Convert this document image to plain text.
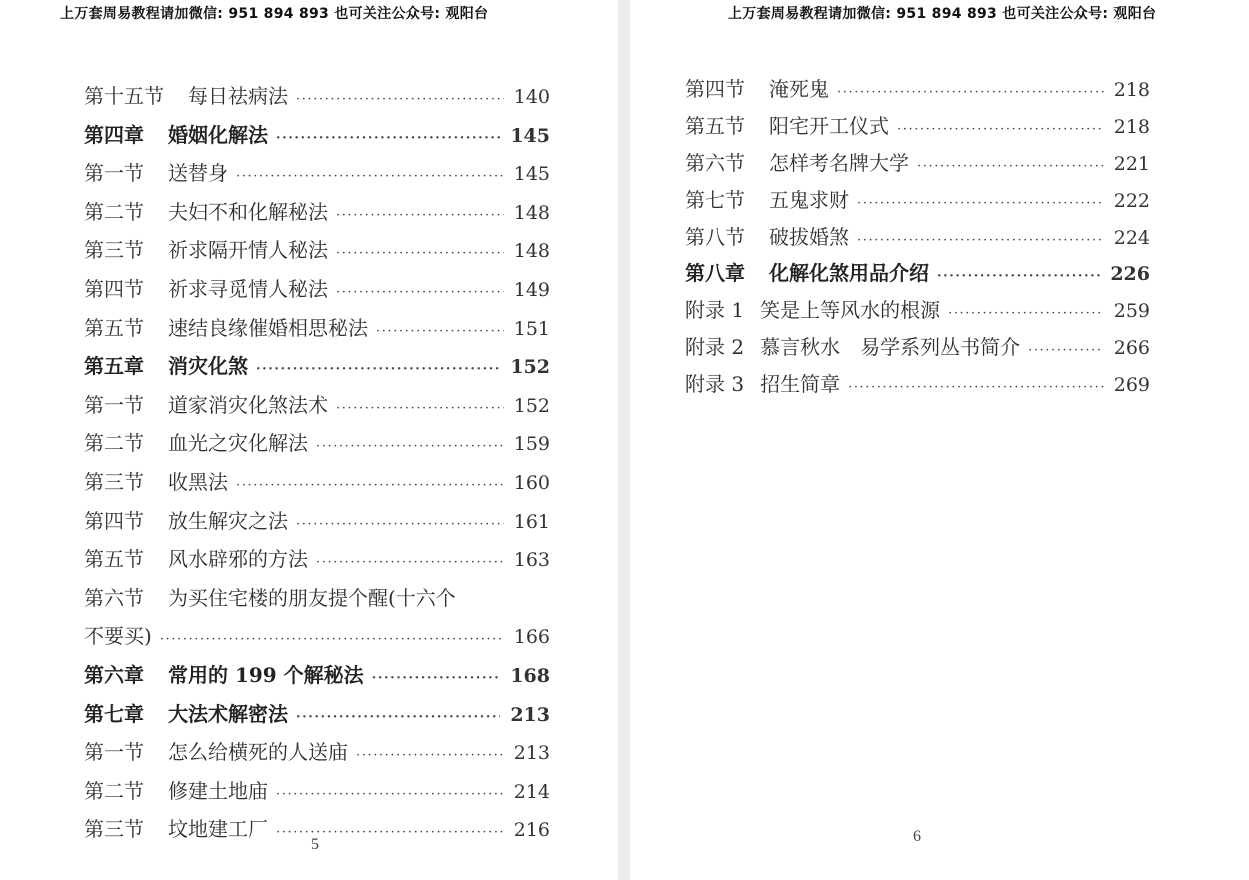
上万套周易教程请加微信: 951 894 893 也可关注公众号: 观阳台
第十五节 每日祛病法 ·····	140
第四章 婚姻化解法 ·····	145
第一节 送替身 ·····	145
第二节 夫妇不和化解秘法 ·····	148
第三节 祈求隔开情人秘法 ·····	148
第四节 祈求寻觅情人秘法 ·····	149
第五节 速结良缘催婚相思秘法 ·····	151
第五章 消灾化煞 ·····	152
第一节 道家消灾化煞法术 ·····	152
第二节 血光之灾化解法 ·····	159
第三节 收黑法 ·····	160
第四节 放生解灾之法 ·····	161
第五节 风水辟邪的方法 ·····	163
第六节 为买住宅楼的朋友提个醒(十六个
不要买) ·····	166
第六章 常用的 199 个解秘法 ·····	168
第七章 大法术解密法 ·····	213
第一节 怎么给横死的人送庙 ·····	213
第二节 修建土地庙 ·····	214
第三节 坟地建工厂 ·····	216
5
上万套周易教程请加微信: 951 894 893 也可关注公众号: 观阳台
第四节 淹死鬼 ·····	218
第五节 阳宅开工仪式 ·····	218
第六节 怎样考名牌大学 ·····	221
第七节 五鬼求财 ·····	222
第八节 破拔婚煞 ·····	224
第八章 化解化煞用品介绍 ·····	226
附录 1 笑是上等风水的根源 ·····	259
附录 2 慕言秋水　易学系列丛书简介 ·····	266
附录 3 招生简章 ·····	269
6
